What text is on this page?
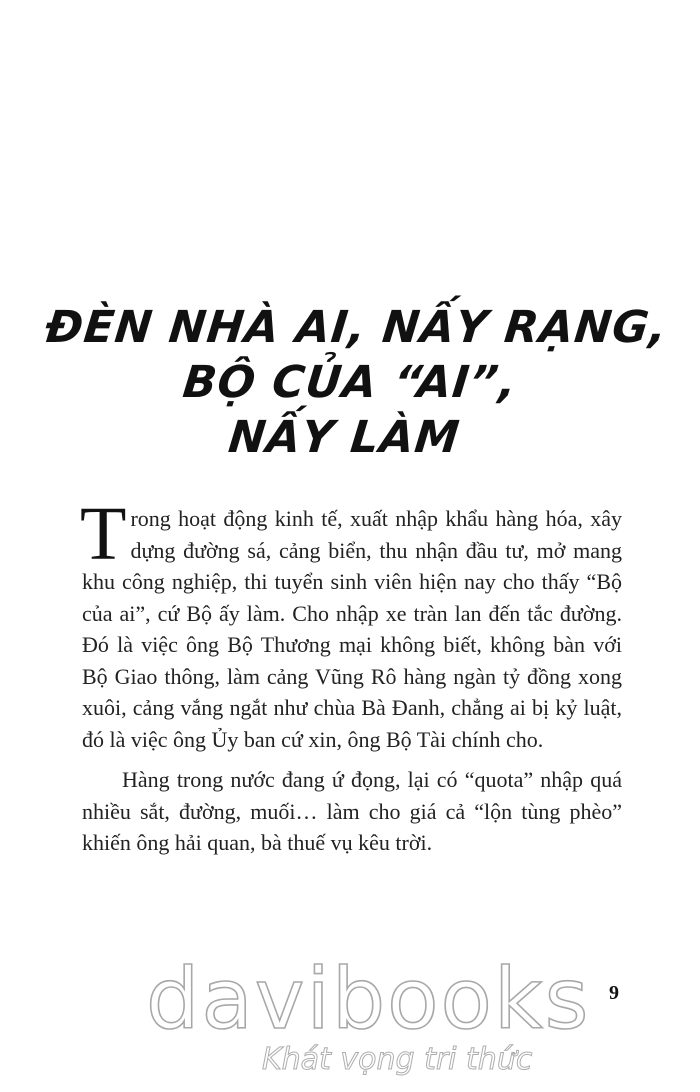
ĐÈN NHÀ AI, NẤY RẠNG,
BỘ CỦA “AI”,
NẤY LÀM

Trong hoạt động kinh tế, xuất nhập khẩu hàng hóa, xây dựng đường sá, cảng biển, thu nhận đầu tư, mở mang khu công nghiệp, thi tuyển sinh viên hiện nay cho thấy “Bộ của ai”, cứ Bộ ấy làm. Cho nhập xe tràn lan đến tắc đường. Đó là việc ông Bộ Thương mại không biết, không bàn với Bộ Giao thông, làm cảng Vũng Rô hàng ngàn tỷ đồng xong xuôi, cảng vắng ngắt như chùa Bà Đanh, chẳng ai bị kỷ luật, đó là việc ông Ủy ban cứ xin, ông Bộ Tài chính cho.

Hàng trong nước đang ứ đọng, lại có “quota” nhập quá nhiều sắt, đường, muối… làm cho giá cả “lộn tùng phèo” khiến ông hải quan, bà thuế vụ kêu trời.

9
davibooks
Khát vọng tri thức
